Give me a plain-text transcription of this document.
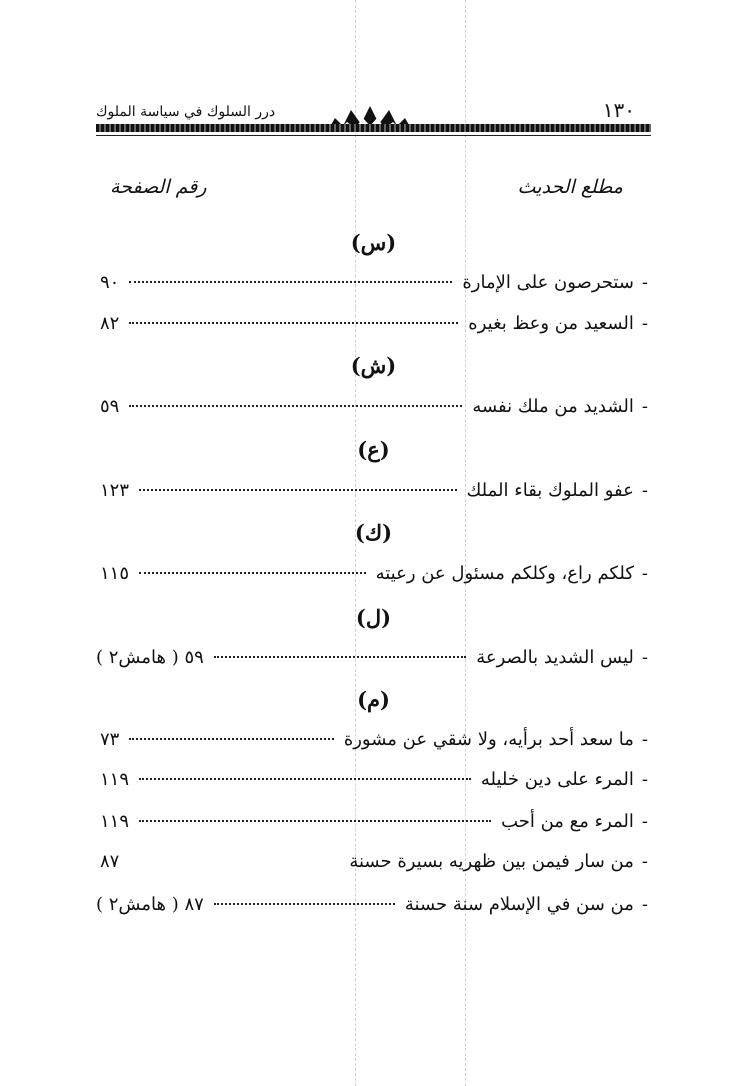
درر السلوك في سياسة الملوك	١٣٠
مطلع الحديث
رقم الصفحة
(س)
-
ستحرصون على الإمارة
٩٠
-
السعيد من وعظ بغيره
٨٢
(ش)
-
الشديد من ملك نفسه
٥٩
(ع)
-
عفو الملوك بقاء الملك
١٢٣
(ك)
-
كلكم راع، وكلكم مسئول عن رعيته
١١٥
(ل)
-
ليس الشديد بالصرعة
٥٩ ( هامش٢ )
(م)
-
ما سعد أحد برأيه، ولا شقي عن مشورة
٧٣
-
المرء على دين خليله
١١٩
-
المرء مع من أحب
١١٩
-
من سار فيمن بين ظهريه بسيرة حسنة
٨٧
-
من سن في الإسلام سنة حسنة
٨٧ ( هامش٢ )
